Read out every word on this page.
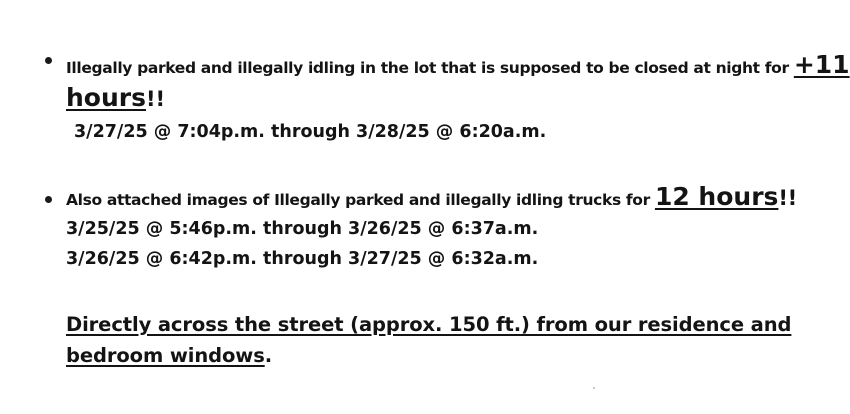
Illegally parked and illegally idling in the lot that is supposed to be closed at night for +11
hours!!
3/27/25 @ 7:04p.m. through 3/28/25 @ 6:20a.m.
Also attached images of Illegally parked and illegally idling trucks for 12 hours!!
3/25/25 @ 5:46p.m. through 3/26/25 @ 6:37a.m.
3/26/25 @ 6:42p.m. through 3/27/25 @ 6:32a.m.
Directly across the street (approx. 150 ft.) from our residence and
bedroom windows.
